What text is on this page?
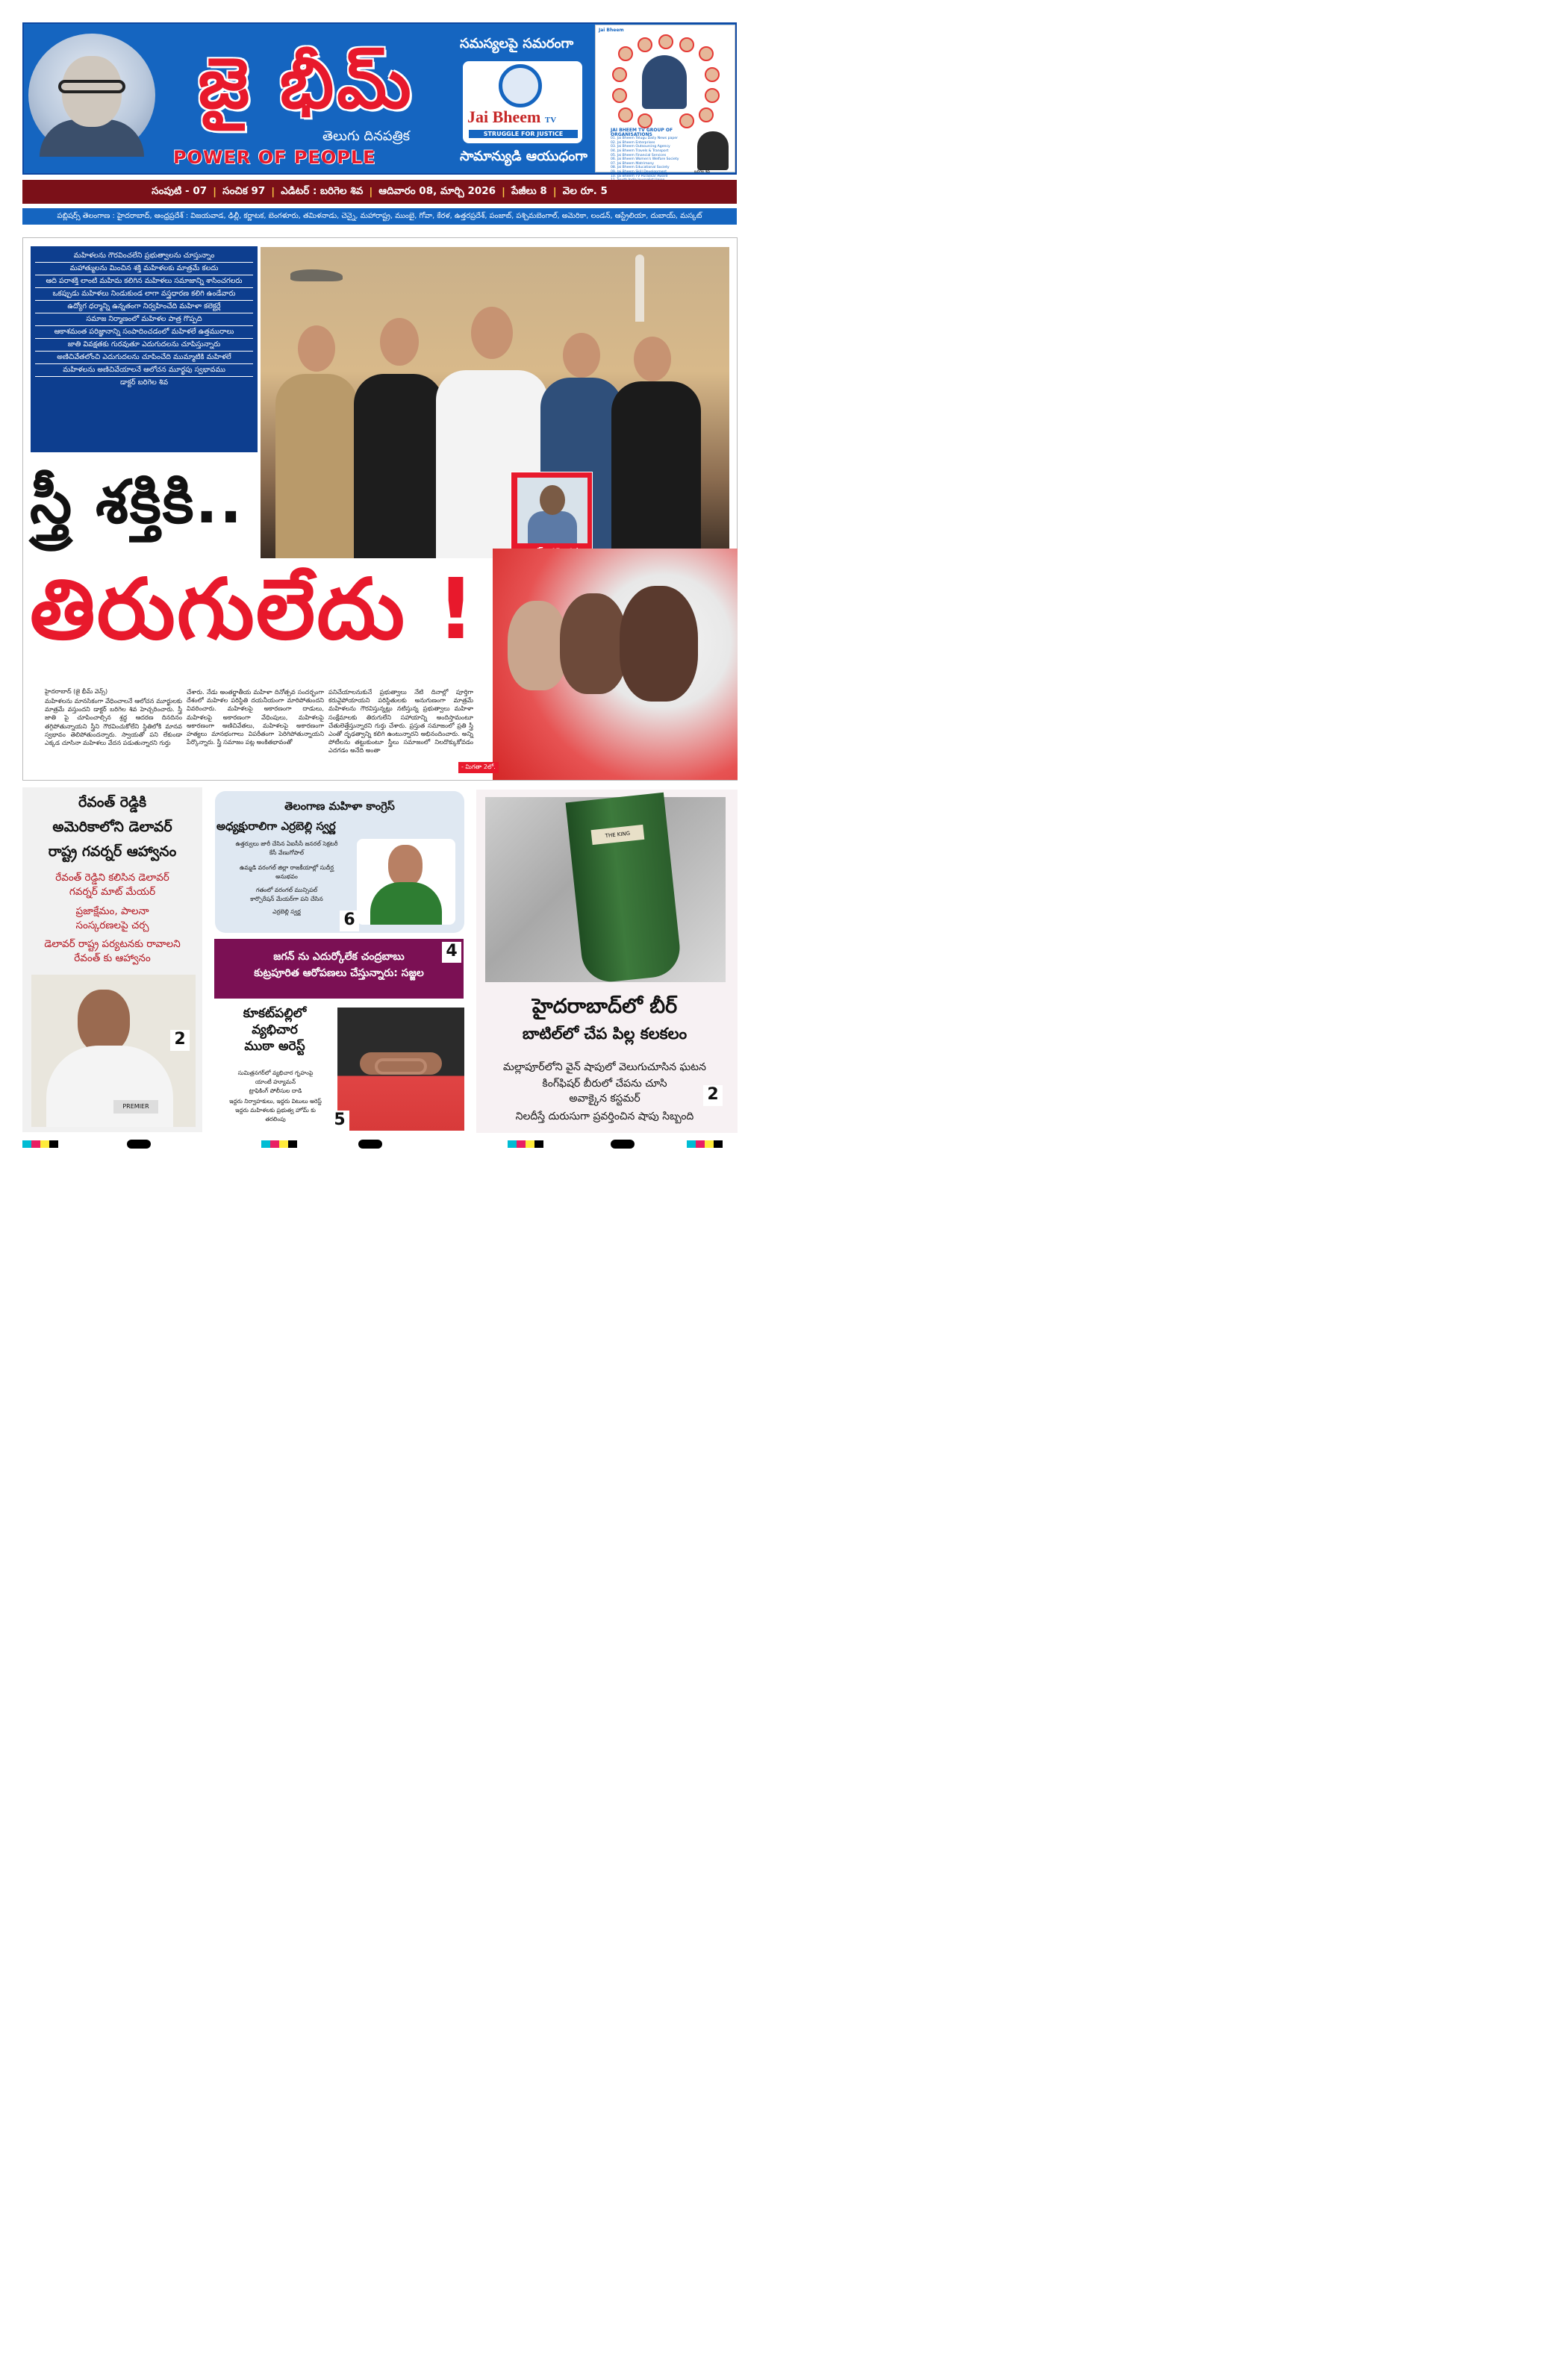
జై భీమ్
తెలుగు దినపత్రిక
POWER OF PEOPLE
సమస్యలపై సమరంగా
Jai Bheem TV
STRUGGLE FOR JUSTICE
సామాన్యుడి ఆయుధంగా
Jai Bheem
JAI BHEEM TV GROUP OF ORGANISATIONS
01. Jai Bheem Telugu Daily News paper
02. Jai Bheem Enterprises
03. Jai Bheem Outsourcing Agency
04. Jai Bheem Travels & Transport
05. Jai Bheem Financial Services
06. Jai Bheem Women's Welfare Society
07. Jai Bheem Matrimony
08. Jai Bheem Educational Society
09. Jai Bheem Skill Development
10. Jai Bheem TV Puraskar Award
బరిగెల శివ
సంపుటి - 07 | సంచిక 97 | ఎడిటర్ : బరిగెల శివ | ఆదివారం 08, మార్చి 2026 | పేజీలు 8 | వెల రూ. 5
పబ్లిషర్స్ తెలంగాణ : హైదరాబాద్, ఆంధ్రప్రదేశ్ : విజయవాడ, ఢిల్లీ, కర్ణాటక, బెంగళూరు, తమిళనాడు, చెన్నై, మహారాష్ట్ర, ముంబై, గోవా, కేరళ, ఉత్తరప్రదేశ్, పంజాబ్, పశ్చిమబెంగాల్, అమెరికా, లండన్, ఆస్ట్రేలియా, దుబాయ్, మస్కట్
మహిళలను గౌరవించలేని ప్రభుత్వాలను చూస్తున్నాం
మహాత్ములను మించిన శక్తి మహిళలకు మాత్రమే కలదు
ఆది పరాశక్తి లాంటి మహిమ కలిగిన మహిళలు సమాజాన్ని శాసించగలరు
ఒకప్పుడు మహిళలు నిండుకుండ లాగా వస్త్రధారణ కలిగి ఉండేవారు
ఉద్యోగ ధర్మాన్ని ఉన్నతంగా నిర్వహించేది మహిళా కలెక్టర్లే
సమాజ నిర్మాణంలో మహిళల పాత్ర గొప్పది
ఆకాశమంత పరిజ్ఞానాన్ని సంపాదించడంలో మహిళలే ఉత్తమురాలు
జాతి వివక్షతకు గురవుతూ ఎదుగుదలను చూపిస్తున్నారు
అణిచివేతలోంచి ఎదుగుదలను చూపించేది ముమ్మాటికి మహిళలే
మహిళలను అణిచివేయాలనే ఆలోచన మూర్ఖపు స్వభావము
డాక్టర్ బరిగెల శివ
స్త్రీ శక్తికి..
తిరుగులేదు !
హైదరాబాద్ (జై భీమ్ వెన్స్)
మహిళలను మానసికంగా వేధించాలనే ఆలోచన మూర్ఖులకు మాత్రమే వస్తుందని డాక్టర్ బరిగెల శివ హెచ్చరించారు. స్త్రీ జాతి పై చూపించాల్సిన శ్రద్ధ ఆదరణ దినదినం తగ్గిపోతున్నాయని స్త్రీని గౌరవించుకోలేని స్థితిలోకి మానవ స్వభావం తెలిపోతుందన్నారు. స్వాయతో పని లేకుండా ఎక్కడ చూసినా మహిళలు వేదన పడుతున్నారని గుర్తు
చేశారు. నేడు అంతర్జాతీయ మహిళా దినోత్సవ సందర్భంగా దేశంలో మహిళల పరిస్థితి దయనీయంగా మారిపోతుందని వివరించారు. మహిళలపై అకారణంగా దాడులు, మహిళలపై అకారణంగా వేధింపులు, మహిళలపై అకారణంగా అణిచివేతలు, మహిళలపై అకారణంగా హత్యలు మానభంగాలు విపరీతంగా పెరిగిపోతున్నాయని పేర్కొన్నారు. స్త్రీ సమాజం పట్ల అంకితభావంతో
పనిచేయాలనుకునే ప్రభుత్వాలు నేటి దినాల్లో పూర్తిగా కరువైపోయాయని పరిస్థితులకు అనుగుణంగా మాత్రమే మహిళలను గౌరవిస్తున్నట్లు నటిస్తున్న ప్రభుత్వాలు మహిళా సంక్షేమాలకు తిరుగులేని సహాయాన్ని అందిస్తామంటూ చేతులెత్తేస్తున్నారని గుర్తు చేశారు. ప్రస్తుత సమాజంలో ప్రతి స్త్రీ ఎంతో దృఢత్వాన్ని కలిగి ఉంటున్నారని అభినందించారు. అన్ని పోటీలను తట్టుకుంటూ స్త్రీలు సమాజంలో నిలదొక్కుకోవడం ఎదగడం అనేది అంతా
- మిగతా 2లో.
రేవంత్ రెడ్డికి
అమెరికాలోని డెలావర్
రాష్ట్ర గవర్నర్ ఆహ్వానం
రేవంత్ రెడ్డిని కలిసిన డెలావర్
గవర్నర్ మాట్ మేయర్
ప్రజాక్షేమం, పాలనా
సంస్కరణలపై చర్చ
డెలావర్ రాష్ట్ర పర్యటనకు రావాలని
రేవంత్ కు ఆహ్వానం
PREMIER
2
తెలంగాణ మహిళా కాంగ్రెస్
అధ్యక్షురాలిగా ఎర్రబెల్లి స్వర్ణ
ఉత్తర్వులు జారీ చేసిన ఏఐసీసీ జనరల్ సెక్రటరీ
కేసీ వేణుగోపాల్
ఉమ్మడి వరంగల్ జిల్లా రాజకీయాల్లో సుదీర్ఘ
అనుభవం
గతంలో వరంగల్ మున్సిపల్
కార్పొరేషన్ మేయర్‌గా పని చేసిన
ఎర్రబెల్లి స్వర్ణ	6
జగన్ ను ఎదుర్కోలేక చంద్రబాబు
కుట్రపూరిత ఆరోపణలు చేస్తున్నారు: సజ్జల
4
కూకట్‌పల్లిలో
వ్యభిచార
ముఠా అరెస్ట్
సుమిత్రనగర్‌లో వ్యభిచార గృహంపై
యాంటీ హ్యూమన్
ట్రాఫికింగ్ పోలీసుల దాడి
ఇద్దరు నిర్వాహకులు, ఇద్దరు విటులు అరెస్ట్
ఇద్దరు మహిళలకు ప్రభుత్వ హోమ్ కు
తరలింపు	5
THE KING
హైదరాబాద్‌లో బీర్
బాటిల్‌లో చేప పిల్ల కలకలం
మల్లాపూర్‌లోని వైన్ షాపులో వెలుగుచూసిన ఘటన
కింగ్‌ఫిషర్ బీరులో చేపను చూసి
అవాక్కైన కస్టమర్
నిలదీస్తే దురుసుగా ప్రవర్తించిన షాపు సిబ్బంది
2
